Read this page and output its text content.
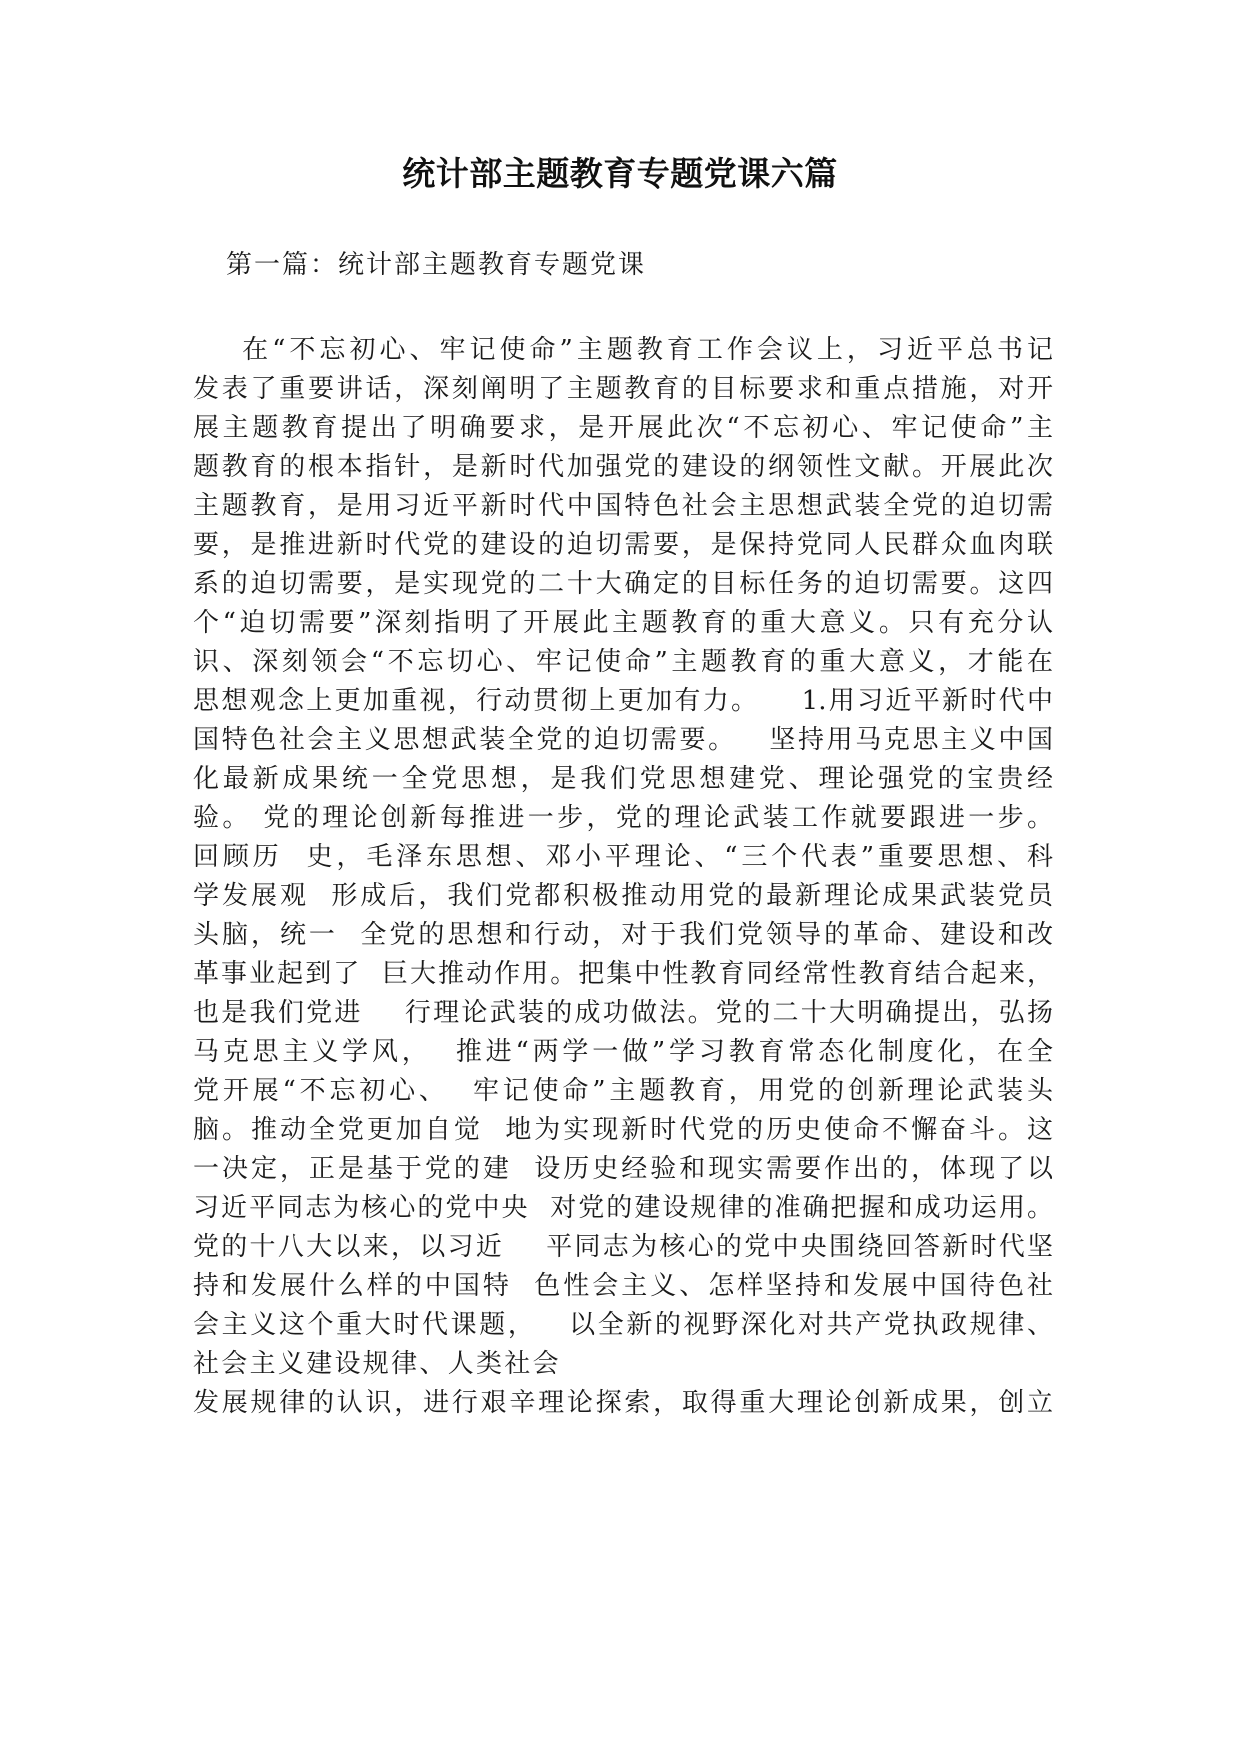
统计部主题教育专题党课六篇
第一篇：统计部主题教育专题党课
在“不忘初心、牢记使命”主题教育工作会议上，习近平总书记
发表了重要讲话，深刻阐明了主题教育的目标要求和重点措施，对开
展主题教育提出了明确要求，是开展此次“不忘初心、牢记使命”主
题教育的根本指针，是新时代加强党的建设的纲领性文献。开展此次
主题教育，是用习近平新时代中国特色社会主思想武装全党的迫切需
要，是推进新时代党的建设的迫切需要，是保持党同人民群众血肉联
系的迫切需要，是实现党的二十大确定的目标任务的迫切需要。这四
个“迫切需要”深刻指明了开展此主题教育的重大意义。只有充分认
识、深刻领会“不忘切心、牢记使命”主题教育的重大意义，才能在
思想观念上更加重视，行动贯彻上更加有力。    1.用习近平新时代中
国特色社会主义思想武装全党的迫切需要。   坚持用马克思主义中国
化最新成果统一全党思想，是我们党思想建党、理论强党的宝贵经
验。 党的理论创新每推进一步，党的理论武装工作就要跟进一步。
回顾历  史，毛泽东思想、邓小平理论、“三个代表”重要思想、科
学发展观  形成后，我们党都积极推动用党的最新理论成果武装党员
头脑，统一  全党的思想和行动，对于我们党领导的革命、建设和改
革事业起到了  巨大推动作用。把集中性教育同经常性教育结合起来，
也是我们党进    行理论武装的成功做法。党的二十大明确提出，弘扬
马克思主义学风，  推进“两学一做”学习教育常态化制度化，在全
党开展“不忘初心、  牢记使命”主题教育，用党的创新理论武装头
脑。推动全党更加自觉  地为实现新时代党的历史使命不懈奋斗。这
一决定，正是基于党的建  设历史经验和现实需要作出的，体现了以
习近平同志为核心的党中央  对党的建设规律的准确把握和成功运用。
党的十八大以来，以习近    平同志为核心的党中央围绕回答新时代坚
持和发展什么样的中国特  色性会主义、怎样坚持和发展中国待色社
会主义这个重大时代课题，   以全新的视野深化对共产党执政规律、
社会主义建设规律、人类社会
发展规律的认识，进行艰辛理论探索，取得重大理论创新成果，创立
